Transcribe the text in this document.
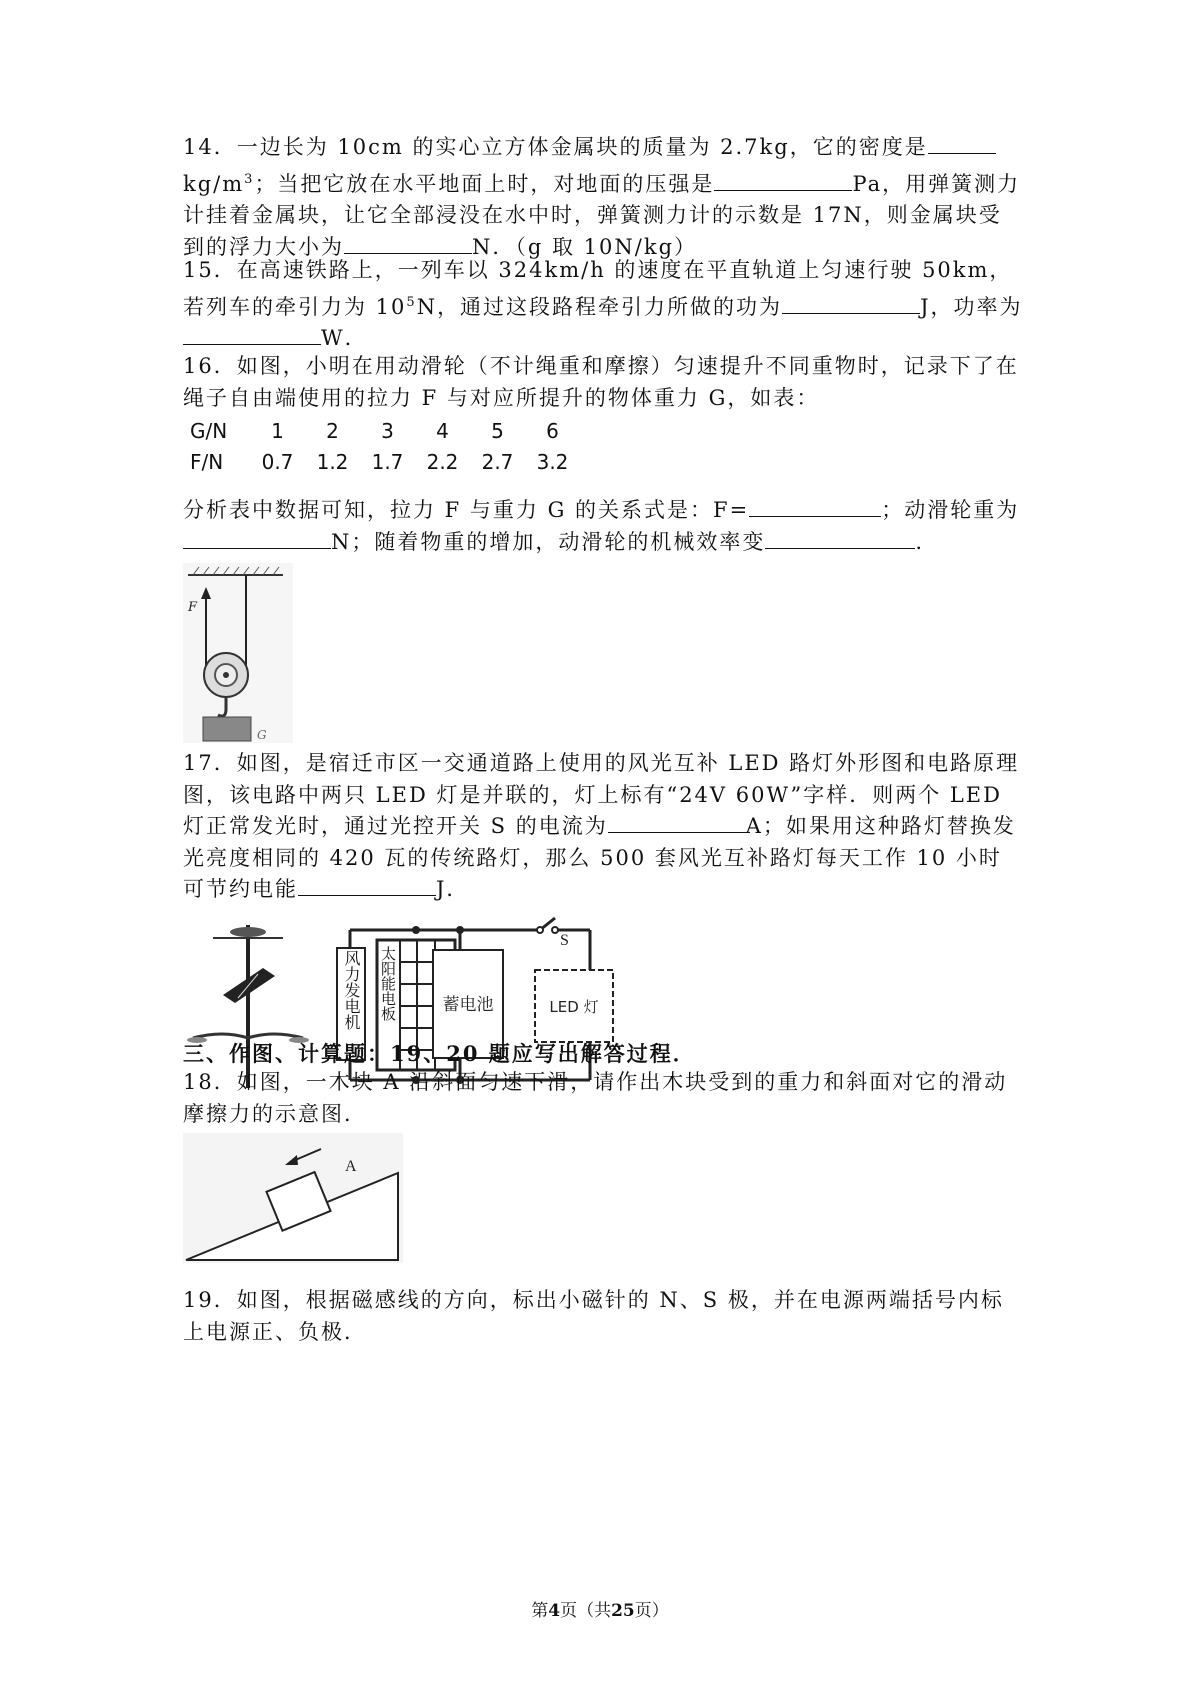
14．一边长为 10cm 的实心立方体金属块的质量为 2.7kg，它的密度是 $kg/m^3$；当把它放在水平地面上时，对地面的压强是	Pa，用弹簧测力计挂着金属块，让它全部浸没在水中时，弹簧测力计的示数是 17N，则金属块受到的浮力大小为	N．（g 取 10N/kg）

15．在高速铁路上，一列车以 324km/h 的速度在平直轨道上匀速行驶 50km，若列车的牵引力为 $10^5N$，通过这段路程牵引力所做的功为	J，功率为W．

16．如图，小明在用动滑轮（不计绳重和摩擦）匀速提升不同重物时，记录下了在绳子自由端使用的拉力 F 与对应所提升的物体重力 G，如表：

G/N 1 2 3 4 5 6
F/N 0.7 1.2 1.7 2.2 2.7 3.2

分析表中数据可知，拉力 F 与重力 G 的关系式是：F=	；动滑轮重为N；随着物重的增加，动滑轮的机械效率变	.

F
G

17．如图，是宿迁市区一交通道路上使用的风光互补 LED 路灯外形图和电路原理图，该电路中两只 LED 灯是并联的，灯上标有“24V 60W”字样．则两个 LED 灯正常发光时，通过光控开关 S 的电流为	A；如果用这种路灯替换发光亮度相同的 420 瓦的传统路灯，那么 500 套风光互补路灯每天工作 10 小时可节约电能	J．

S
风力发电机 太阳能电板	蓄电池	LED 灯
三、作图、计算题：19、20 题应写出解答过程．

18．如图，一木块 A 沿斜面匀速下滑，请作出木块受到的重力和斜面对它的滑动摩擦力的示意图．

A

19．如图，根据磁感线的方向，标出小磁针的 N、S 极，并在电源两端括号内标上电源正、负极．

第4页（共25页）
